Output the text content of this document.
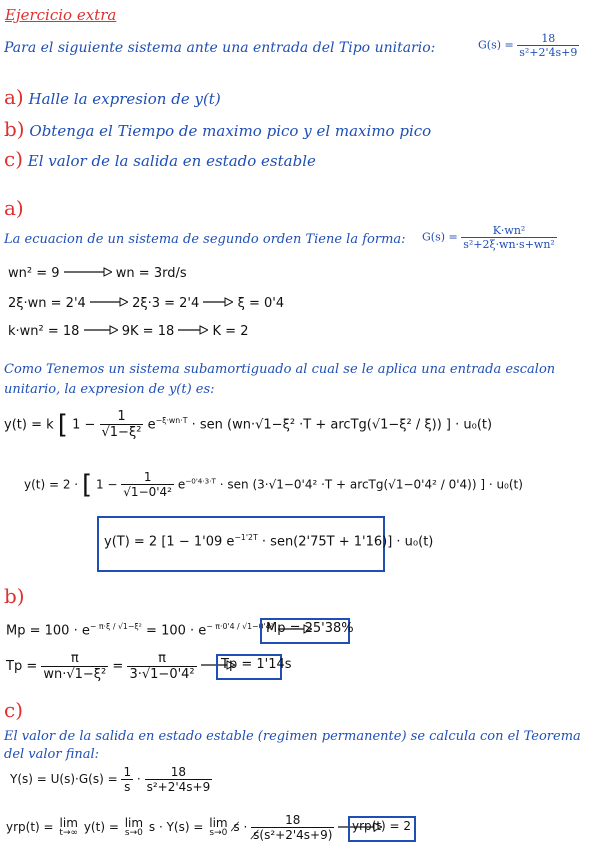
Ejercicio extra
Para el siguiente sistema ante una entrada del Tipo unitario:	$G(s) = \frac{18}{\text{s²+2'4s+9}}$
a) Halle la expresion de y(t)
b) Obtenga el Tiempo de maximo pico y el maximo pico
c) El valor de la salida en estado estable
a)
La ecuacion de un sistema de segundo orden Tiene la forma: $G(s) = \frac{\text{K·wn²}}{\text{s²+2ξ·wn·s+wn²}}$
wn² = 9	wn = 3rd/s
2ξ·wn = 2'4	2ξ·3 = 2'4	ξ = 0'4
k·wn² = 18	9K = 18	K = 2
Como Tenemos un sistema subamortiguado al cual se le aplica una entrada escalon unitario, la expresion de y(t) es:
y(t) = k [ $1 - \frac{1}{\text{√1−ξ²}} e^{-\xi\cdot wn\cdot T}$ · sen (wn·√1−ξ² ·T + arcTg(√1−ξ² / ξ)) ] · u₀(t)
y(t) = 2 · [ $1 - \frac{1}{\text{√1−0'4²}} e^{-0'4\cdot 3\cdot T}$ · sen (3·√1−0'4² ·T + arcTg(√1−0'4² / 0'4)) ] · u₀(t)
y(T) = 2 [1 − 1'09 $e^{-1'2T} \cdot sen(2'75T + 1'16)] \cdot u_0(t)$
b)
$Mp = 100 \cdot e^{- \pi\cdot\xi / √1-\xi^2} = 100 \cdot e^{- \pi\cdot 0'4 / √1-0'4^2}$
Mp = 25'38%
$Tp = \frac{\pi}{\text{wn·√1−ξ²}} = \frac{\pi}{\text{3·√1−0'4²}}$
Tp = 1'14s
c)
El valor de la salida en estado estable (regimen permanente) se calcula con el Teorema del valor final:
$Y(s) = U(s)\cdot G(s) = \frac{1}{s} \cdot \frac{18}{\text{s²+2'4s+9}}$
yrp(t) = lim
t→∞ y(t) = lim
s→0 s · Y(s) = lim
s→0 s̸ · $\frac{18}{\text{s̸(s²+2'4s+9)}}$
yrp(t) = 2
